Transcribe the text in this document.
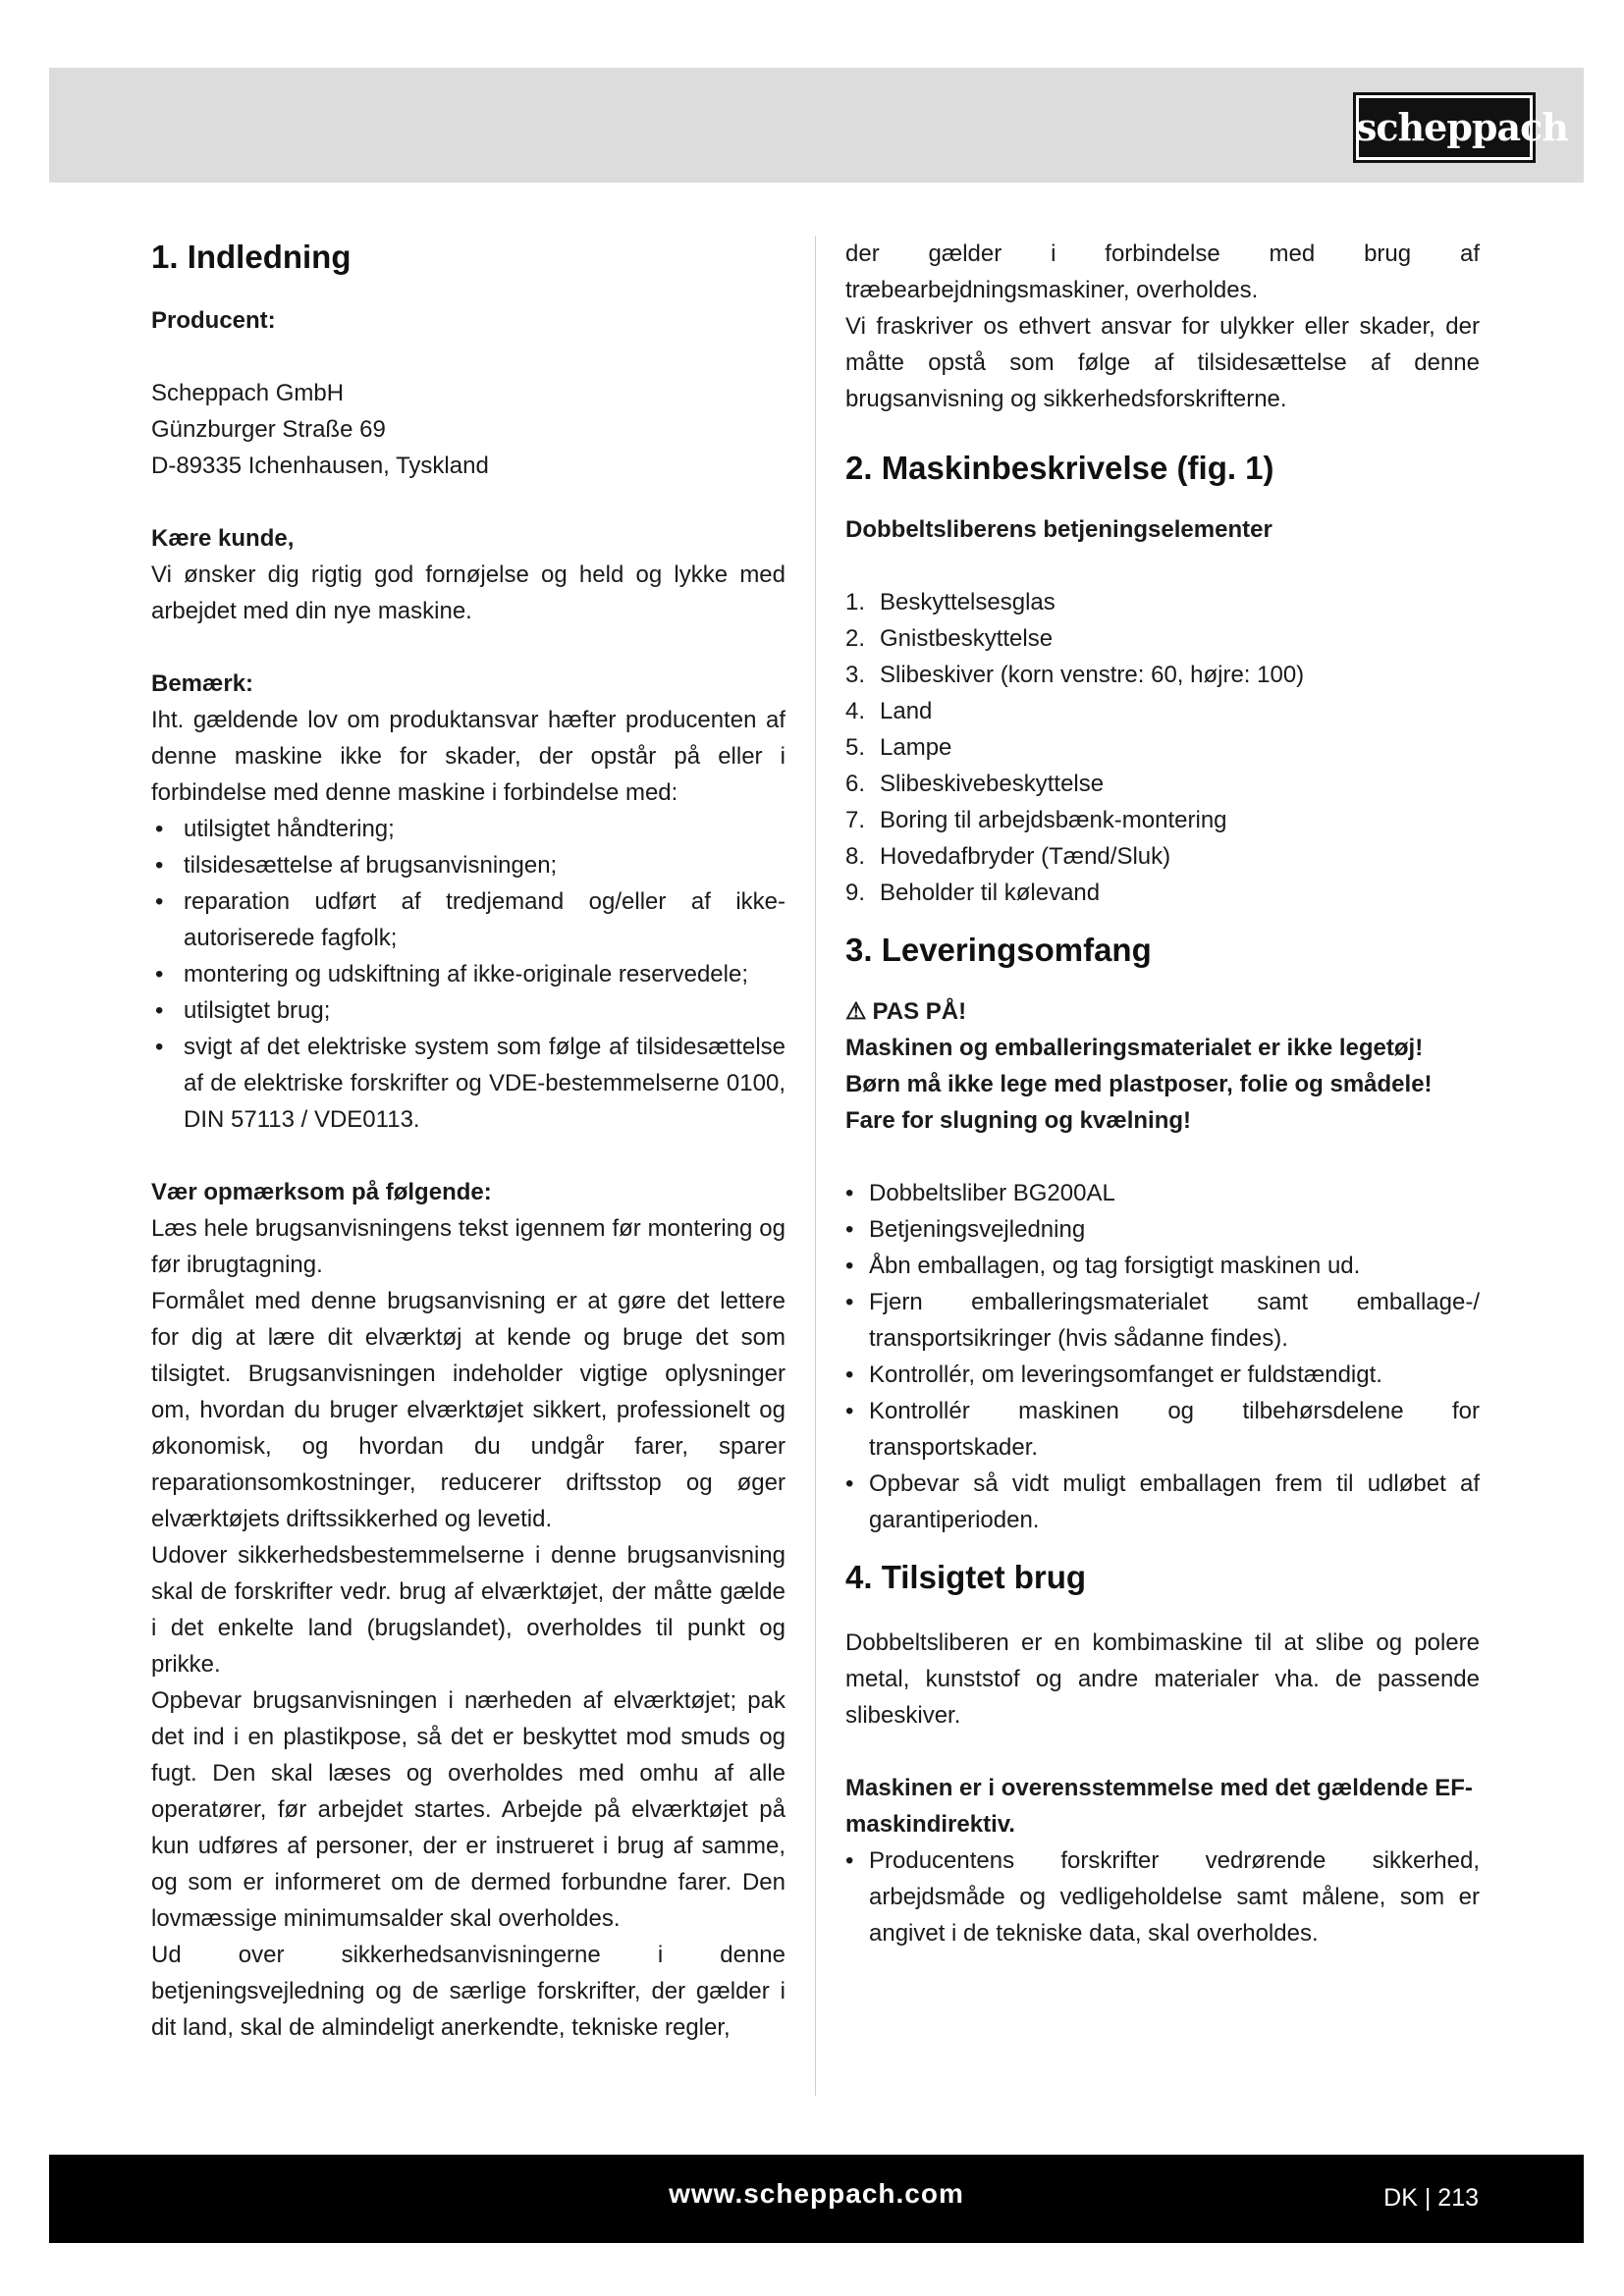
scheppach
1. Indledning

Producent:

Scheppach GmbH

Günzburger Straße 69

D-89335 Ichenhausen, Tyskland

Kære kunde,

Vi ønsker dig rigtig god fornøjelse og held og lykke med arbejdet med din nye maskine.

Bemærk:

Iht. gældende lov om produktansvar hæfter producenten af denne maskine ikke for skader, der opstår på eller i forbindelse med denne maskine i forbindelse med:

• utilsigtet håndtering;
• tilsidesættelse af brugsanvisningen;
• reparation udført af tredjemand og/eller af ikke-autoriserede fagfolk;
• montering og udskiftning af ikke-originale reservedele;
• utilsigtet brug;
• svigt af det elektriske system som følge af tilsidesættelse af de elektriske forskrifter og VDE-bestemmelserne 0100, DIN 57113 / VDE0113.

Vær opmærksom på følgende:

Læs hele brugsanvisningens tekst igennem før montering og før ibrugtagning.

Formålet med denne brugsanvisning er at gøre det lettere for dig at lære dit elværktøj at kende og bruge det som tilsigtet. Brugsanvisningen indeholder vigtige oplysninger om, hvordan du bruger elværktøjet sikkert, professionelt og økonomisk, og hvordan du undgår farer, sparer reparationsomkostninger, reducerer driftsstop og øger elværktøjets driftssikkerhed og levetid.

Udover sikkerhedsbestemmelserne i denne brugsanvisning skal de forskrifter vedr. brug af elværktøjet, der måtte gælde i det enkelte land (brugslandet), overholdes til punkt og prikke.

Opbevar brugsanvisningen i nærheden af elværktøjet; pak det ind i en plastikpose, så det er beskyttet mod smuds og fugt. Den skal læses og overholdes med omhu af alle operatører, før arbejdet startes. Arbejde på elværktøjet på kun udføres af personer, der er instrueret i brug af samme, og som er informeret om de dermed forbundne farer. Den lovmæssige minimumsalder skal overholdes.

Ud over sikkerhedsanvisningerne i denne betjeningsvejledning og de særlige forskrifter, der gælder i dit land, skal de almindeligt anerkendte, tekniske regler,

der gælder i forbindelse med brug af træbearbejdningsmaskiner, overholdes.

Vi fraskriver os ethvert ansvar for ulykker eller skader, der måtte opstå som følge af tilsidesættelse af denne brugsanvisning og sikkerhedsforskrifterne.

2. Maskinbeskrivelse (fig. 1)

Dobbeltsliberens betjeningselementer

1. Beskyttelsesglas
2. Gnistbeskyttelse
3. Slibeskiver (korn venstre: 60, højre: 100)
4. Land
5. Lampe
6. Slibeskivebeskyttelse
7. Boring til arbejdsbænk-montering
8. Hovedafbryder (Tænd/Sluk)
9. Beholder til kølevand
3. Leveringsomfang

⚠ PAS PÅ!

Maskinen og emballeringsmaterialet er ikke legetøj!

Børn må ikke lege med plastposer, folie og smådele!

Fare for slugning og kvælning!

• Dobbeltsliber BG200AL
• Betjeningsvejledning
• Åbn emballagen, og tag forsigtigt maskinen ud.
• Fjern emballeringsmaterialet samt emballage-/ transportsikringer (hvis sådanne findes).
• Kontrollér, om leveringsomfanget er fuldstændigt.
• Kontrollér maskinen og tilbehørsdelene for transportskader.
• Opbevar så vidt muligt emballagen frem til udløbet af garantiperioden.
4. Tilsigtet brug

Dobbeltsliberen er en kombimaskine til at slibe og polere metal, kunststof og andre materialer vha. de passende slibeskiver.

Maskinen er i overensstemmelse med det gældende EF-maskindirektiv.

• Producentens forskrifter vedrørende sikkerhed, arbejdsmåde og vedligeholdelse samt målene, som er angivet i de tekniske data, skal overholdes.
www.scheppach.com	DK | 213
